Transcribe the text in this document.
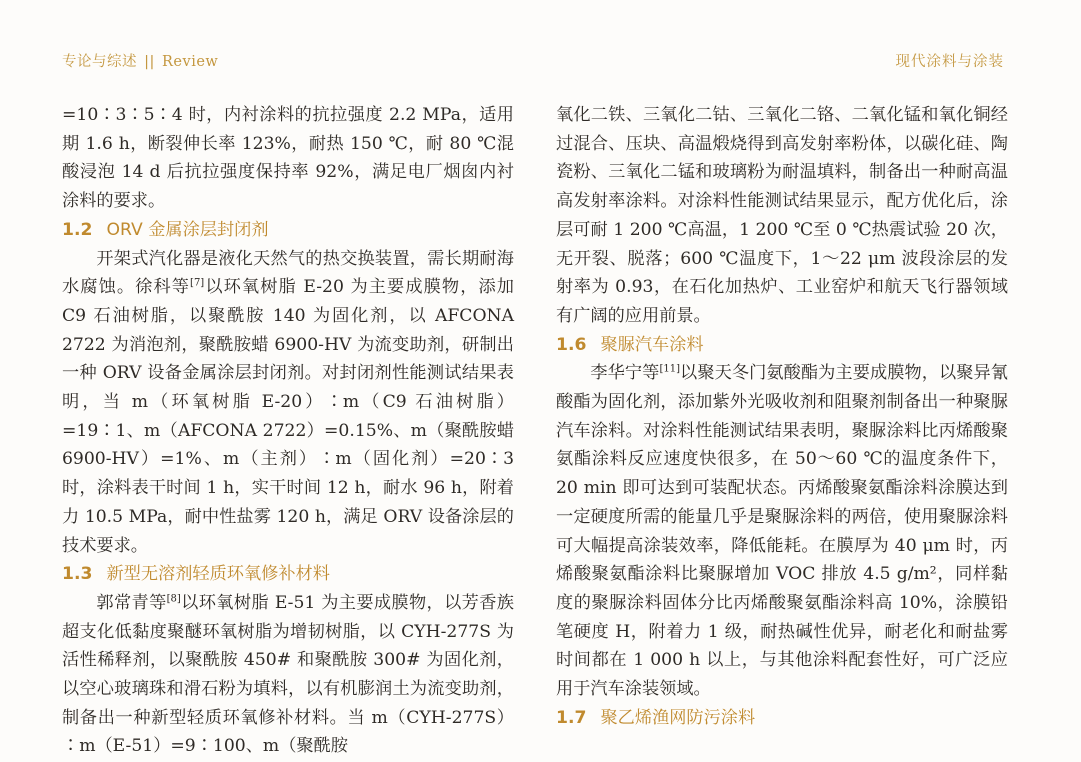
专论与综述 || Review	现代涂料与涂装

=10∶3∶5∶4 时，内衬涂料的抗拉强度 2.2 MPa，适用期 1.6 h，断裂伸长率 123%，耐热 150 ℃，耐 80 ℃混酸浸泡 14 d 后抗拉强度保持率 92%，满足电厂烟囱内衬涂料的要求。

1.2 ORV 金属涂层封闭剂

开架式汽化器是液化天然气的热交换装置，需长期耐海水腐蚀。徐科等[7]以环氧树脂 E-20 为主要成膜物，添加 C9 石油树脂，以聚酰胺 140 为固化剂，以 AFCONA 2722 为消泡剂，聚酰胺蜡 6900-HV 为流变助剂，研制出一种 ORV 设备金属涂层封闭剂。对封闭剂性能测试结果表明，当 m（环氧树脂 E-20）∶m（C9 石油树脂）=19∶1、m（AFCONA 2722）=0.15%、m（聚酰胺蜡 6900-HV）=1%、m（主剂）∶m（固化剂）=20∶3 时，涂料表干时间 1 h，实干时间 12 h，耐水 96 h，附着力 10.5 MPa，耐中性盐雾 120 h，满足 ORV 设备涂层的技术要求。

1.3 新型无溶剂轻质环氧修补材料

郭常青等[8]以环氧树脂 E-51 为主要成膜物，以芳香族超支化低黏度聚醚环氧树脂为增韧树脂，以 CYH-277S 为活性稀释剂，以聚酰胺 450# 和聚酰胺 300# 为固化剂，以空心玻璃珠和滑石粉为填料，以有机膨润土为流变助剂，制备出一种新型轻质环氧修补材料。当 m（CYH-277S）∶m（E-51）=9∶100、m（聚酰胺

氧化二铁、三氧化二钴、三氧化二铬、二氧化锰和氧化铜经过混合、压块、高温煅烧得到高发射率粉体，以碳化硅、陶瓷粉、三氧化二锰和玻璃粉为耐温填料，制备出一种耐高温高发射率涂料。对涂料性能测试结果显示，配方优化后，涂层可耐 1 200 ℃高温，1 200 ℃至 0 ℃热震试验 20 次，无开裂、脱落；600 ℃温度下，1～22 μm 波段涂层的发射率为 0.93，在石化加热炉、工业窑炉和航天飞行器领域有广阔的应用前景。

1.6 聚脲汽车涂料

李华宁等[11]以聚天冬门氨酸酯为主要成膜物，以聚异氰酸酯为固化剂，添加紫外光吸收剂和阻聚剂制备出一种聚脲汽车涂料。对涂料性能测试结果表明，聚脲涂料比丙烯酸聚氨酯涂料反应速度快很多，在 50～60 ℃的温度条件下，20 min 即可达到可装配状态。丙烯酸聚氨酯涂料涂膜达到一定硬度所需的能量几乎是聚脲涂料的两倍，使用聚脲涂料可大幅提高涂装效率，降低能耗。在膜厚为 40 μm 时，丙烯酸聚氨酯涂料比聚脲增加 VOC 排放 4.5 g/m²，同样黏度的聚脲涂料固体分比丙烯酸聚氨酯涂料高 10%，涂膜铅笔硬度 H，附着力 1 级，耐热碱性优异，耐老化和耐盐雾时间都在 1 000 h 以上，与其他涂料配套性好，可广泛应用于汽车涂装领域。

1.7 聚乙烯渔网防污涂料
